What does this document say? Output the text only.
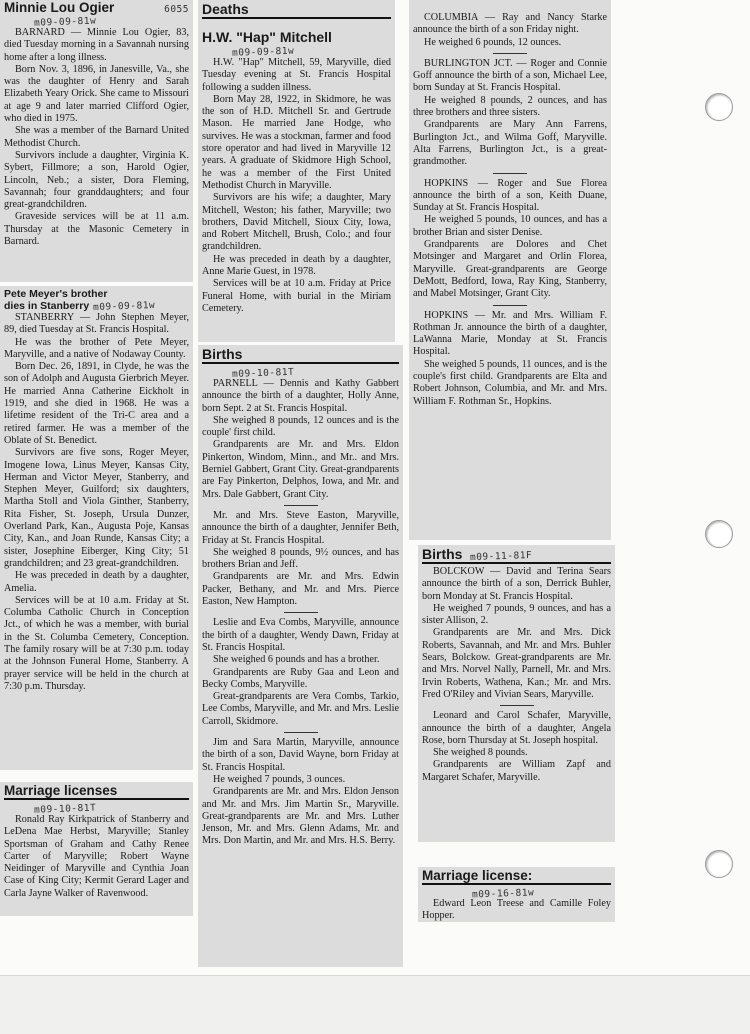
Minnie Lou Ogier	6055
m09-09-81w

BARNARD — Minnie Lou Ogier, 83, died Tuesday morning in a Savannah nursing home after a long illness.

Born Nov. 3, 1896, in Janesville, Va., she was the daughter of Henry and Sarah Elizabeth Yeary Orick. She came to Missouri at age 9 and later married Clifford Ogier, who died in 1975.

She was a member of the Barnard United Methodist Church.

Survivors include a daughter, Virginia K. Sybert, Fillmore; a son, Harold Ogier, Lincoln, Neb.; a sister, Dora Fleming, Savannah; four granddaughters; and four great-grandchildren.

Graveside services will be at 11 a.m. Thursday at the Masonic Cemetery in Barnard.

Pete Meyer's brother
dies in Stanberry m09-09-81w

STANBERRY — John Stephen Meyer, 89, died Tuesday at St. Francis Hospital.

He was the brother of Pete Meyer, Maryville, and a native of Nodaway County.

Born Dec. 26, 1891, in Clyde, he was the son of Adolph and Augusta Gierbrich Meyer. He married Anna Catherine Eickholt in 1919, and she died in 1968. He was a lifetime resident of the Tri-C area and a retired farmer. He was a member of the Oblate of St. Benedict.

Survivors are five sons, Roger Meyer, Imogene Iowa, Linus Meyer, Kansas City, Herman and Victor Meyer, Stanberry, and Stephen Meyer, Guilford; six daughters, Martha Stoll and Viola Ginther, Stanberry, Rita Fisher, St. Joseph, Ursula Dunzer, Overland Park, Kan., Augusta Poje, Kansas City, Kan., and Joan Runde, Kansas City; a sister, Josephine Eiberger, King City; 51 grandchildren; and 23 great-grandchildren.

He was preceded in death by a daughter, Amelia.

Services will be at 10 a.m. Friday at St. Columba Catholic Church in Conception Jct., of which he was a member, with burial in the St. Columba Cemetery, Conception. The family rosary will be at 7:30 p.m. today at the Johnson Funeral Home, Stanberry. A prayer service will be held in the church at 7:30 p.m. Thursday.

Marriage licenses
m09-10-81T

Ronald Ray Kirkpatrick of Stanberry and LeDena Mae Herbst, Maryville; Stanley Sportsman of Graham and Cathy Renee Carter of Maryville; Robert Wayne Neidinger of Maryville and Cynthia Joan Case of King City; Kermit Gerard Lager and Carla Jayne Walker of Ravenwood.

Deaths
H.W. "Hap" Mitchell
m09-09-81w

H.W. "Hap" Mitchell, 59, Maryville, died Tuesday evening at St. Francis Hospital following a sudden illness.

Born May 28, 1922, in Skidmore, he was the son of H.D. Mitchell Sr. and Gertrude Mason. He married Jane Hodge, who survives. He was a stockman, farmer and food store operator and had lived in Maryville 12 years. A graduate of Skidmore High School, he was a member of the First United Methodist Church in Maryville.

Survivors are his wife; a daughter, Mary Mitchell, Weston; his father, Maryville; two brothers, David Mitchell, Sioux City, Iowa, and Robert Mitchell, Brush, Colo.; and four grandchildren.

He was preceded in death by a daughter, Anne Marie Guest, in 1978.

Services will be at 10 a.m. Friday at Price Funeral Home, with burial in the Miriam Cemetery.

Births
m09-10-81T

PARNELL — Dennis and Kathy Gabbert announce the birth of a daughter, Holly Anne, born Sept. 2 at St. Francis Hospital.

She weighed 8 pounds, 12 ounces and is the couple' first child.

Grandparents are Mr. and Mrs. Eldon Pinkerton, Windom, Minn., and Mr.. and Mrs. Berniel Gabbert, Grant City. Great-grandparents are Fay Pinkerton, Delphos, Iowa, and Mr. and Mrs. Dale Gabbert, Grant City.

Mr. and Mrs. Steve Easton, Maryville, announce the birth of a daughter, Jennifer Beth, Friday at St. Francis Hospital.

She weighed 8 pounds, 9½ ounces, and has brothers Brian and Jeff.

Grandparents are Mr. and Mrs. Edwin Packer, Bethany, and Mr. and Mrs. Pierce Easton, New Hampton.

Leslie and Eva Combs, Maryville, announce the birth of a daughter, Wendy Dawn, Friday at St. Francis Hospital.

She weighed 6 pounds and has a brother.

Grandparents are Ruby Gaa and Leon and Becky Combs, Maryville.

Great-grandparents are Vera Combs, Tarkio, Lee Combs, Maryville, and Mr. and Mrs. Leslie Carroll, Skidmore.

Jim and Sara Martin, Maryville, announce the birth of a son, David Wayne, born Friday at St. Francis Hospital.

He weighed 7 pounds, 3 ounces.

Grandparents are Mr. and Mrs. Eldon Jenson and Mr. and Mrs. Jim Martin Sr., Maryville. Great-grandparents are Mr. and Mrs. Luther Jenson, Mr. and Mrs. Glenn Adams, Mr. and Mrs. Don Martin, and Mr. and Mrs. H.S. Berry.

COLUMBIA — Ray and Nancy Starke announce the birth of a son Friday night.

He weighed 6 pounds, 12 ounces.

BURLINGTON JCT. — Roger and Connie Goff announce the birth of a son, Michael Lee, born Sunday at St. Francis Hospital.

He weighed 8 pounds, 2 ounces, and has three brothers and three sisters.

Grandparents are Mary Ann Farrens, Burlington Jct., and Wilma Goff, Maryville. Alta Farrens, Burlington Jct., is a great-grandmother.

HOPKINS — Roger and Sue Florea announce the birth of a son, Keith Duane, Sunday at St. Francis Hospital.

He weighed 5 pounds, 10 ounces, and has a brother Brian and sister Denise.

Grandparents are Dolores and Chet Motsinger and Margaret and Orlin Florea, Maryville. Great-grandparents are George DeMott, Bedford, Iowa, Ray King, Stanberry, and Mabel Motsinger, Grant City.

HOPKINS — Mr. and Mrs. William F. Rothman Jr. announce the birth of a daughter, LaWanna Marie, Monday at St. Francis Hospital.

She weighed 5 pounds, 11 ounces, and is the couple's first child. Grandparents are Elta and Robert Johnson, Columbia, and Mr. and Mrs. William F. Rothman Sr., Hopkins.

Births m09-11-81F

BOLCKOW — David and Terina Sears announce the birth of a son, Derrick Buhler, born Monday at St. Francis Hospital.

He weighed 7 pounds, 9 ounces, and has a sister Allison, 2.

Grandparents are Mr. and Mrs. Dick Roberts, Savannah, and Mr. and Mrs. Buhler Sears, Bolckow. Great-grandparents are Mr. and Mrs. Norvel Nally, Parnell, Mr. and Mrs. Irvin Roberts, Wathena, Kan.; Mr. and Mrs. Fred O'Riley and Vivian Sears, Maryville.

Leonard and Carol Schafer, Maryville, announce the birth of a daughter, Angela Rose, born Thursday at St. Joseph hospital.

She weighed 8 pounds.

Grandparents are William Zapf and Margaret Schafer, Maryville.

Marriage license:
m09-16-81w

Edward Leon Treese and Camille Foley Hopper.
